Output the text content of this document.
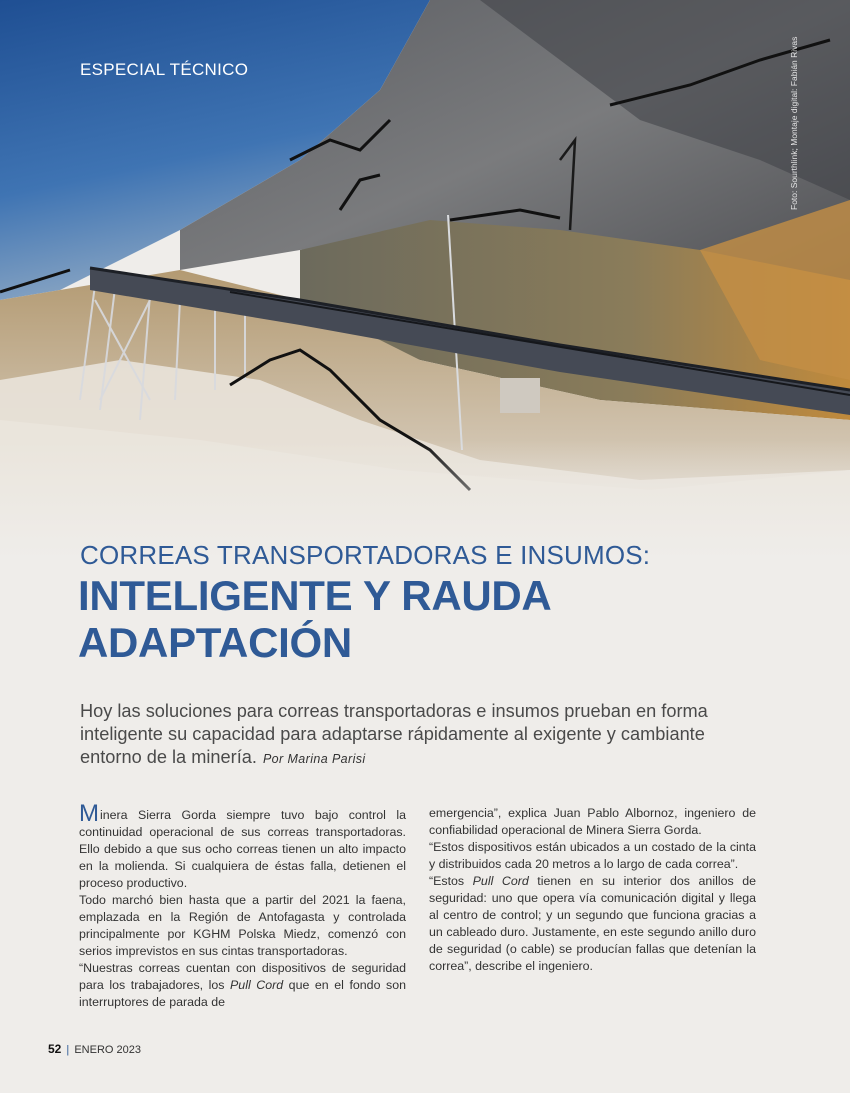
ESPECIAL TÉCNICO	Foto: Sourthlink; Montaje digital: Fabián Rivas
CORREAS TRANSPORTADORAS E INSUMOS:
INTELIGENTE Y RAUDA
ADAPTACIÓN

Hoy las soluciones para correas transportadoras e insumos prueban en forma inteligente su capacidad para adaptarse rápidamente al exigente y cambiante entorno de la minería. Por Marina Parisi

Minera Sierra Gorda siempre tuvo bajo control la continuidad operacional de sus correas transportadoras. Ello debido a que sus ocho correas tienen un alto impacto en la molienda. Si cualquiera de éstas falla, detienen el proceso productivo.

Todo marchó bien hasta que a partir del 2021 la faena, emplazada en la Región de Antofagasta y controlada principalmente por KGHM Polska Miedz, comenzó con serios imprevistos en sus cintas transportadoras.

“Nuestras correas cuentan con dispositivos de seguridad para los trabajadores, los Pull Cord que en el fondo son interruptores de parada de

emergencia”, explica Juan Pablo Albornoz, ingeniero de confiabilidad operacional de Minera Sierra Gorda.

“Estos dispositivos están ubicados a un costado de la cinta y distribuidos cada 20 metros a lo largo de cada correa”.

“Estos Pull Cord tienen en su interior dos anillos de seguridad: uno que opera vía comunicación digital y llega al centro de control; y un segundo que funciona gracias a un cableado duro. Justamente, en este segundo anillo duro de seguridad (o cable) se producían fallas que detenían la correa”, describe el ingeniero.

52 | ENERO 2023
